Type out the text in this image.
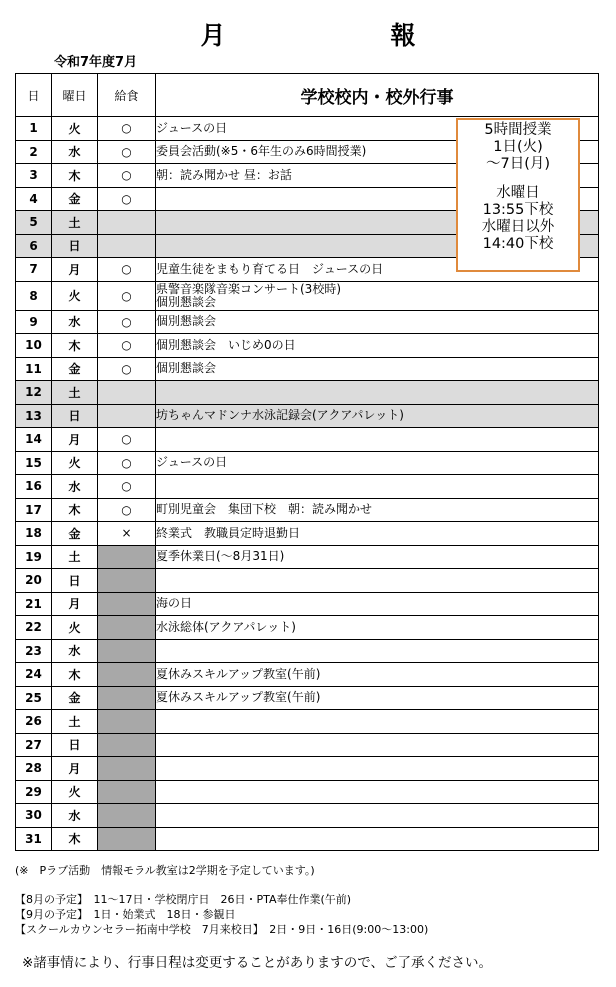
月　報
令和7年度7月
日	曜日	給食	学校校内・校外行事
1	火	○	ジュースの日

2	水	○	委員会活動(※5・6年生のみ6時間授業)

3	木	○	朝：読み聞かせ 昼：お話

4	金	○	

5	土		

6	日		

7	月	○	児童生徒をまもり育てる日　ジュースの日

8	火	○	県警音楽隊音楽コンサート(3校時)
個別懇談会

9	水	○	個別懇談会

10	木	○	個別懇談会　いじめ0の日

11	金	○	個別懇談会

12	土		

13	日		坊ちゃんマドンナ水泳記録会(アクアパレット)

14	月	○	

15	火	○	ジュースの日

16	水	○	

17	木	○	町別児童会　集団下校　朝：読み聞かせ

18	金	×	終業式　教職員定時退勤日

19	土		夏季休業日(～8月31日)

20	日		

21	月		海の日

22	火		水泳総体(アクアパレット)

23	水		

24	木		夏休みスキルアップ教室(午前)

25	金		夏休みスキルアップ教室(午前)

26	土		

27	日		

28	月		

29	火		

30	水		

31	木		
5時間授業
1日(火)
～7日(月)
水曜日
13:55下校
水曜日以外
14:40下校
(※　Pラブ活動　情報モラル教室は2学期を予定しています。)
【8月の予定】　11～17日・学校閉庁日　26日・PTA奉仕作業(午前)
【9月の予定】　1日・始業式　18日・参観日
【スクールカウンセラー拓南中学校　7月来校日】　2日・9日・16日(9:00～13:00)
※諸事情により、行事日程は変更することがありますので、ご了承ください。
